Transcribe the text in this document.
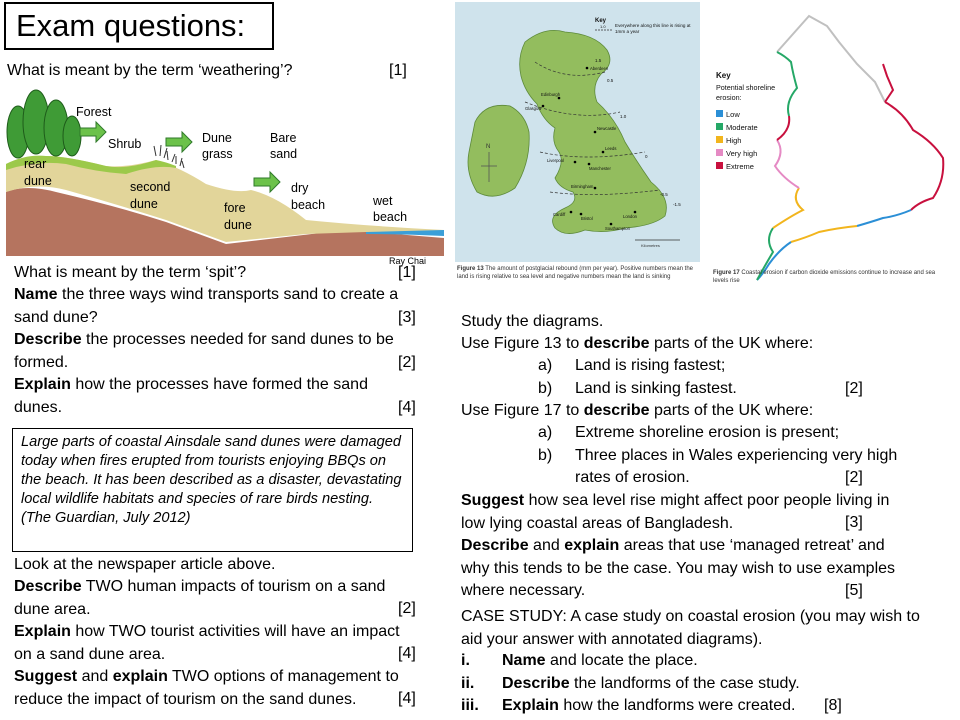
Exam questions:
What is meant by the term ‘weathering’?	[1]
Forest
Shrub	Dune
grass
Bare
sand
rear
dune	second
dune	fore
dune
dry
beach	wet
beach
Ray Chai
What is meant by the term ‘spit’?	[1]
Name the three ways wind transports sand to create a
sand dune?	[3]
Describe the processes needed for sand dunes to be
formed.	[2]
Explain how the processes have formed the sand
dunes.	[4]
Large parts of coastal Ainsdale sand dunes were damaged today when fires erupted from tourists enjoying BBQs on the beach. It has been described as a disaster, devastating local wildlife habitats and species of rare birds nesting. (The Guardian, July 2012)
Look at the newspaper article above.
Describe TWO human impacts of tourism on a sand
dune area.	[2]
Explain how TWO tourist activities will have an impact
on a sand dune area.	[4]
Suggest and explain TWO options of management to
reduce the impact of tourism on the sand dunes.	[4]
0.5
1.0
0
-0.5
-1.5
1.5
Aberdeen
Edinburgh
Glasgow
Newcastle
Liverpool
Leeds
Manchester
Birmingham
Cardiff	London
Bristol
Southampton
N
Kilometres
Key
1.0 Everywhere along this line is rising at 1mm a year
Figure 13 The amount of postglacial rebound (mm per year). Positive numbers mean the land is rising relative to sea level and negative numbers mean the land is sinking
Key
Potential shoreline
erosion:
Low
Moderate
High
Very high
Extreme
Figure 17 Coastal erosion if carbon dioxide emissions continue to increase and sea levels rise
Study the diagrams.
Use Figure 13 to describe parts of the UK where:
a) Land is rising fastest;
b) Land is sinking fastest.	[2]
Use Figure 17 to describe parts of the UK where:
a) Extreme shoreline erosion is present;
b) Three places in Wales experiencing very high
rates of erosion.	[2]
Suggest how sea level rise might affect poor people living in
low lying coastal areas of Bangladesh.	[3]
Describe and explain areas that use ‘managed retreat’ and
why this tends to be the case. You may wish to use examples
where necessary.	[5]
CASE STUDY: A case study on coastal erosion (you may wish to
aid your answer with annotated diagrams).
i. Name and locate the place.
ii. Describe the landforms of the case study.
iii. Explain how the landforms were created. [8]
